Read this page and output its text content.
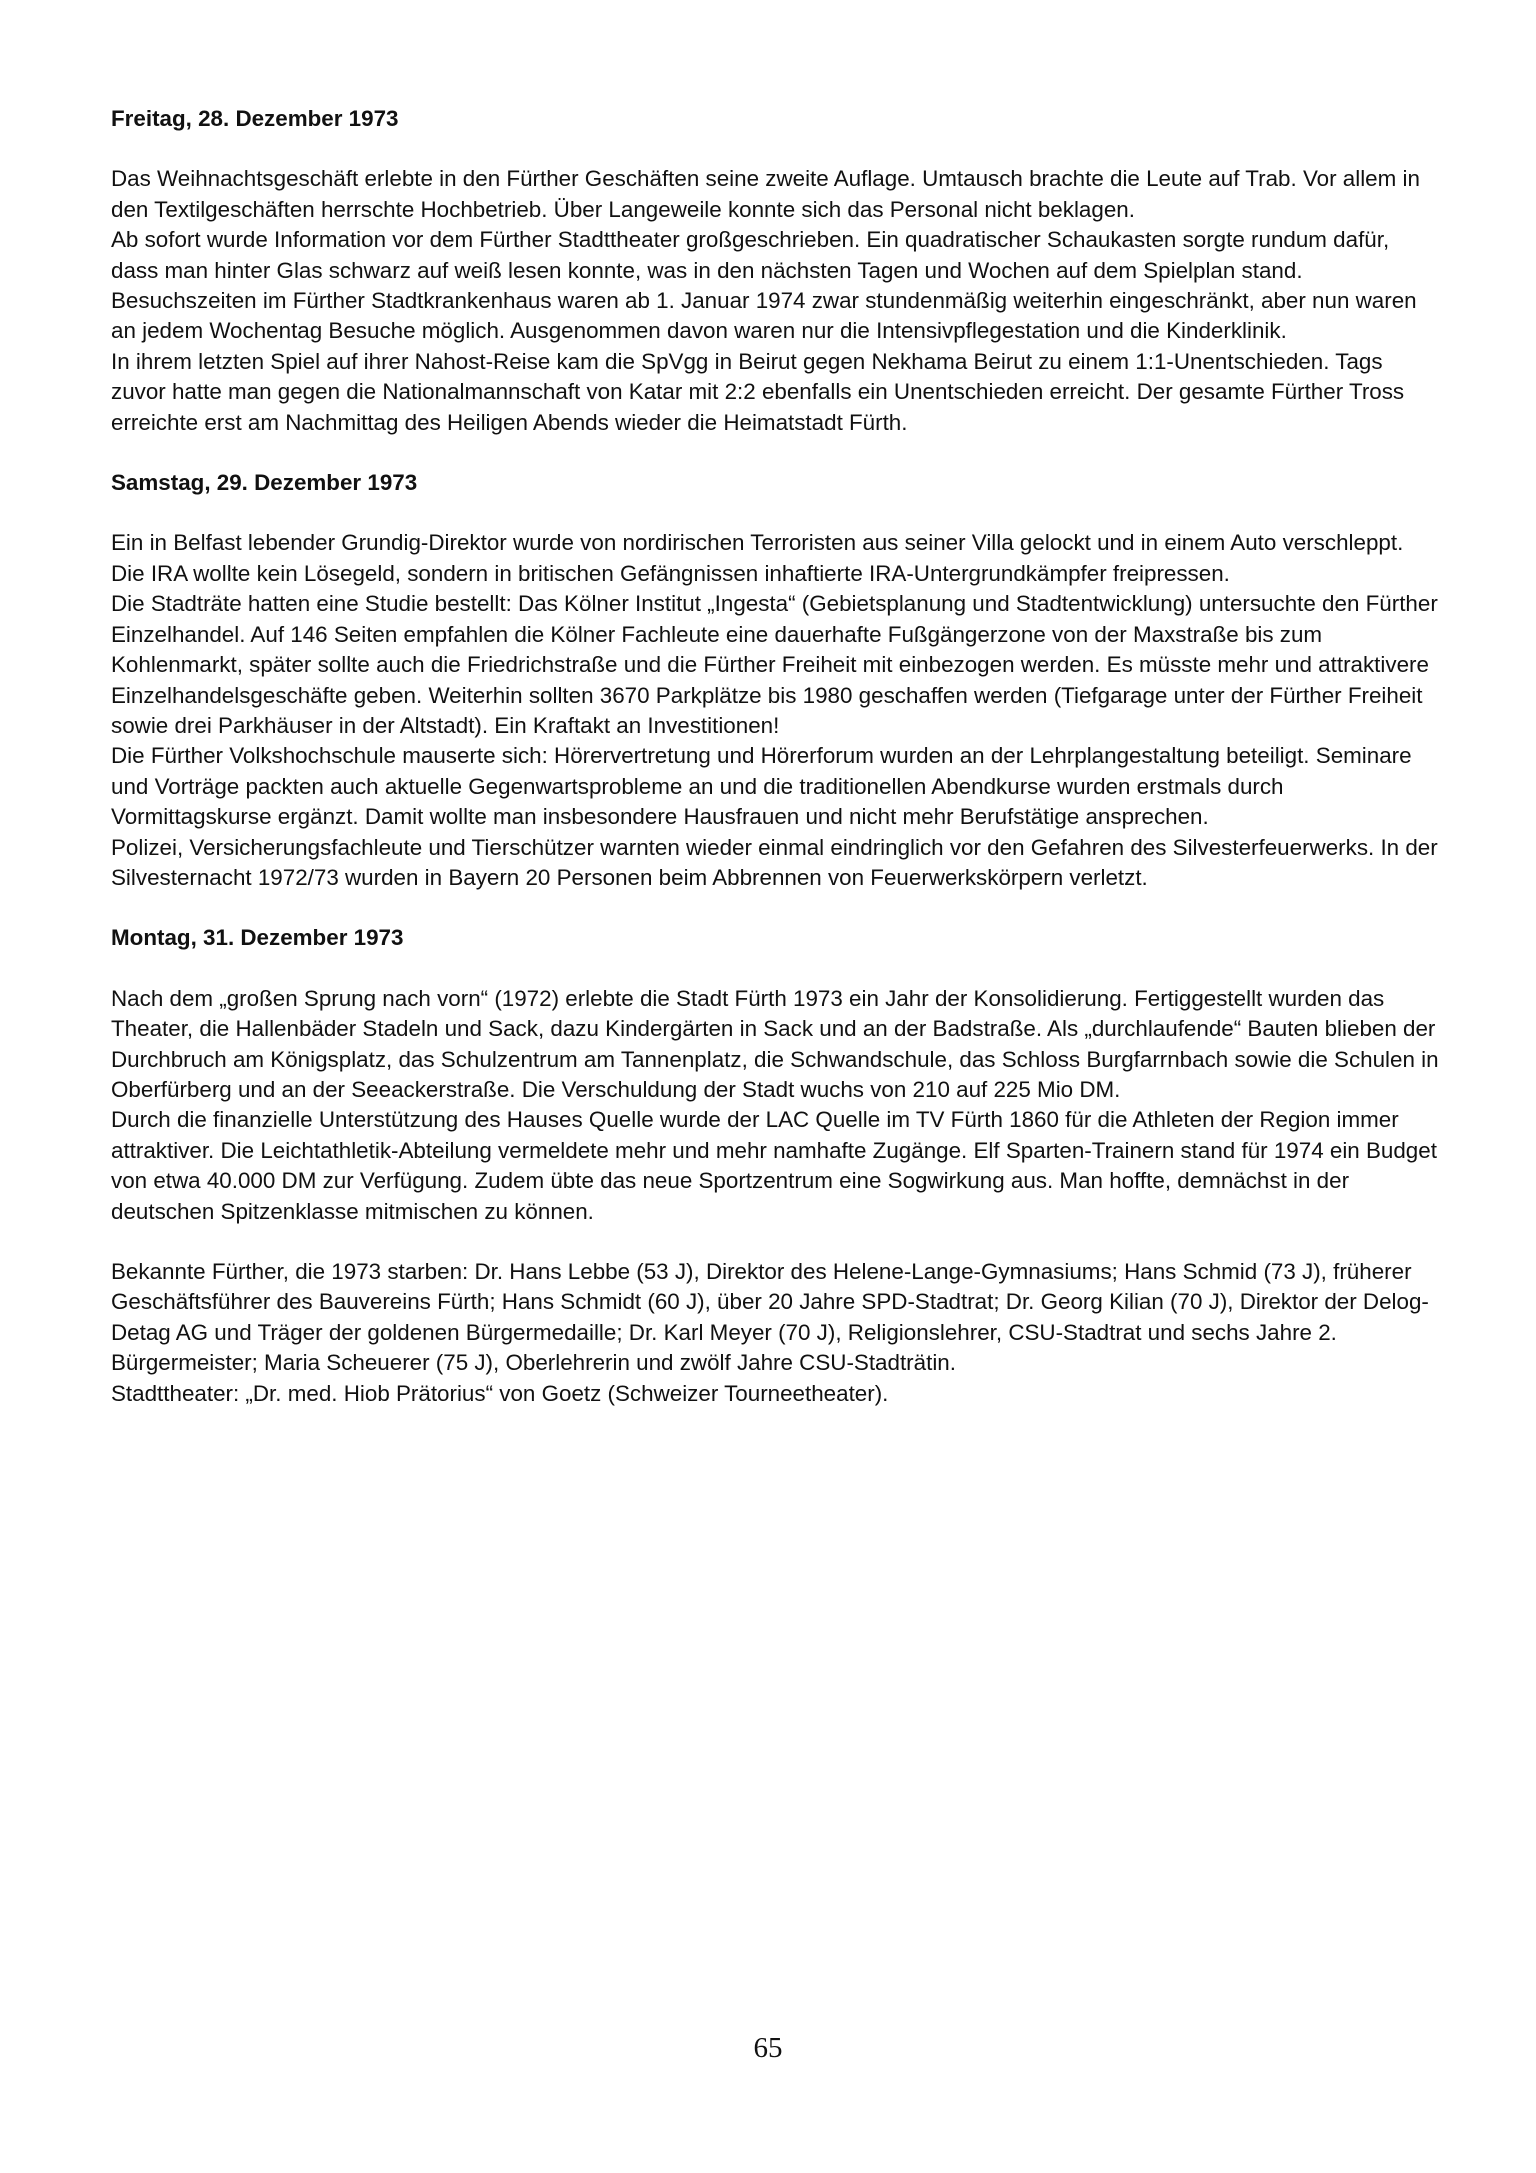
Freitag, 28. Dezember 1973

Das Weihnachtsgeschäft erlebte in den Fürther Geschäften seine zweite Auflage. Umtausch brachte die Leute auf Trab. Vor allem in den Textilgeschäften herrschte Hochbetrieb. Über Langeweile konnte sich das Personal nicht beklagen.

Ab sofort wurde Information vor dem Fürther Stadttheater großgeschrieben. Ein quadratischer Schaukasten sorgte rundum dafür, dass man hinter Glas schwarz auf weiß lesen konnte, was in den nächsten Tagen und Wochen auf dem Spielplan stand.

Besuchszeiten im Fürther Stadtkrankenhaus waren ab 1. Januar 1974 zwar stundenmäßig weiterhin eingeschränkt, aber nun waren an jedem Wochentag Besuche möglich. Ausgenommen davon waren nur die Intensivpflegestation und die Kinderklinik.

In ihrem letzten Spiel auf ihrer Nahost-Reise kam die SpVgg in Beirut gegen Nekhama Beirut zu einem 1:1-Unentschieden. Tags zuvor hatte man gegen die Nationalmannschaft von Katar mit 2:2 ebenfalls ein Unentschieden erreicht. Der gesamte Fürther Tross erreichte erst am Nachmittag des Heiligen Abends wieder die Heimatstadt Fürth.

Samstag, 29. Dezember 1973

Ein in Belfast lebender Grundig-Direktor wurde von nordirischen Terroristen aus seiner Villa gelockt und in einem Auto verschleppt. Die IRA wollte kein Lösegeld, sondern in britischen Gefängnissen inhaftierte IRA-Untergrundkämpfer freipressen.

Die Stadträte hatten eine Studie bestellt: Das Kölner Institut „Ingesta“ (Gebietsplanung und Stadtentwicklung) untersuchte den Fürther Einzelhandel. Auf 146 Seiten empfahlen die Kölner Fachleute eine dauerhafte Fußgängerzone von der Maxstraße bis zum Kohlenmarkt, später sollte auch die Friedrichstraße und die Fürther Freiheit mit einbezogen werden. Es müsste mehr und attraktivere Einzelhandelsgeschäfte geben. Weiterhin sollten 3670 Parkplätze bis 1980 geschaffen werden (Tiefgarage unter der Fürther Freiheit sowie drei Parkhäuser in der Altstadt). Ein Kraftakt an Investitionen!

Die Fürther Volkshochschule mauserte sich: Hörervertretung und Hörerforum wurden an der Lehrplangestaltung beteiligt. Seminare und Vorträge packten auch aktuelle Gegenwartsprobleme an und die traditionellen Abendkurse wurden erstmals durch Vormittagskurse ergänzt. Damit wollte man insbesondere Hausfrauen und nicht mehr Berufstätige ansprechen.

Polizei, Versicherungsfachleute und Tierschützer warnten wieder einmal eindringlich vor den Gefahren des Silvesterfeuerwerks. In der Silvesternacht 1972/73 wurden in Bayern 20 Personen beim Abbrennen von Feuerwerkskörpern verletzt.

Montag, 31. Dezember 1973

Nach dem „großen Sprung nach vorn“ (1972) erlebte die Stadt Fürth 1973 ein Jahr der Konsolidierung. Fertiggestellt wurden das Theater, die Hallenbäder Stadeln und Sack, dazu Kindergärten in Sack und an der Badstraße. Als „durchlaufende“ Bauten blieben der Durchbruch am Königsplatz, das Schulzentrum am Tannenplatz, die Schwandschule, das Schloss Burgfarrnbach sowie die Schulen in Oberfürberg und an der Seeackerstraße. Die Verschuldung der Stadt wuchs von 210 auf 225 Mio DM.

Durch die finanzielle Unterstützung des Hauses Quelle wurde der LAC Quelle im TV Fürth 1860 für die Athleten der Region immer attraktiver. Die Leichtathletik-Abteilung vermeldete mehr und mehr namhafte Zugänge. Elf Sparten-Trainern stand für 1974 ein Budget von etwa 40.000 DM zur Verfügung. Zudem übte das neue Sportzentrum eine Sogwirkung aus. Man hoffte, demnächst in der deutschen Spitzenklasse mitmischen zu können.

Bekannte Fürther, die 1973 starben: Dr. Hans Lebbe (53 J), Direktor des Helene-Lange-Gymnasiums; Hans Schmid (73 J), früherer Geschäftsführer des Bauvereins Fürth; Hans Schmidt (60 J), über 20 Jahre SPD-Stadtrat; Dr. Georg Kilian (70 J), Direktor der Delog-Detag AG und Träger der goldenen Bürgermedaille; Dr. Karl Meyer (70 J), Religionslehrer, CSU-Stadtrat und sechs Jahre 2. Bürgermeister; Maria Scheuerer (75 J), Oberlehrerin und zwölf Jahre CSU-Stadträtin.

Stadttheater: „Dr. med. Hiob Prätorius“ von Goetz (Schweizer Tourneetheater).

65
